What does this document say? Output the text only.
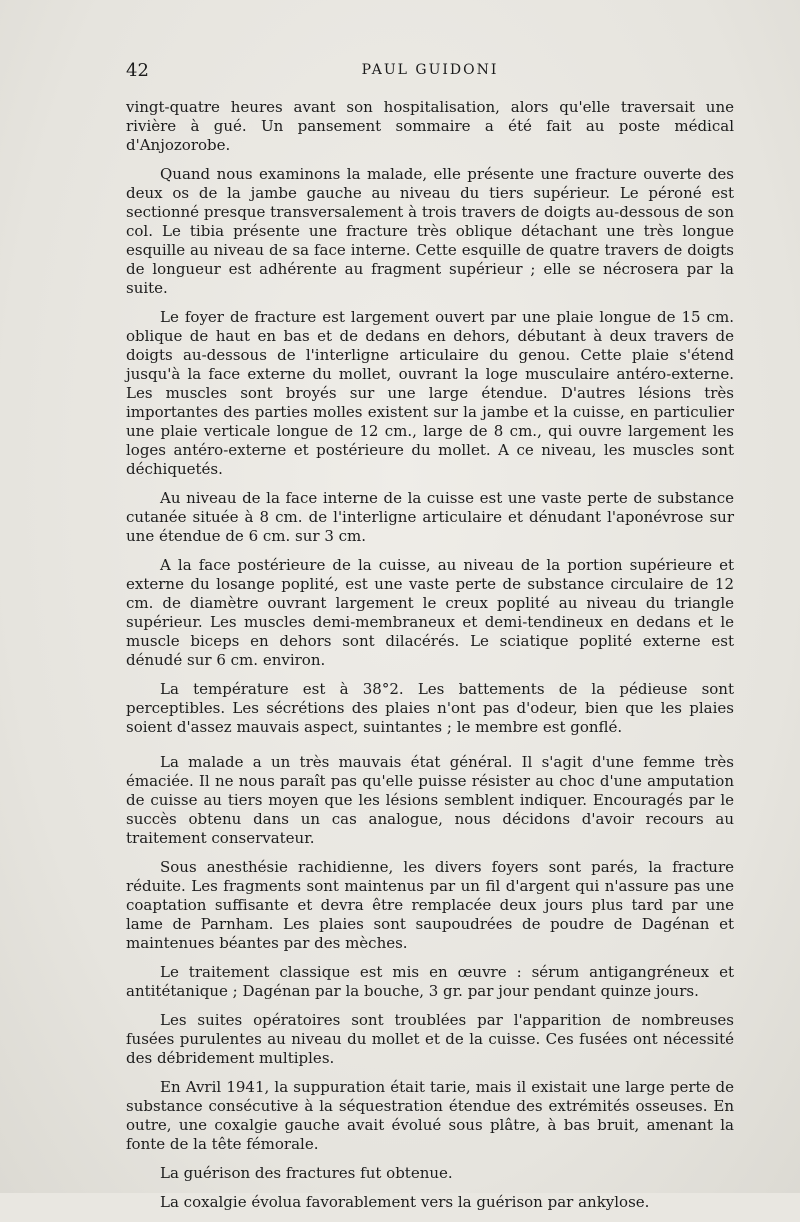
42	PAUL GUIDONI

vingt-quatre heures avant son hospitalisation, alors qu'elle traversait une rivière à gué. Un pansement sommaire a été fait au poste médical d'Anjozorobe.

Quand nous examinons la malade, elle présente une fracture ouverte des deux os de la jambe gauche au niveau du tiers supérieur. Le péroné est sectionné presque transversalement à trois travers de doigts au-dessous de son col. Le tibia présente une fracture très oblique détachant une très longue esquille au niveau de sa face interne. Cette esquille de quatre travers de doigts de longueur est adhérente au fragment supérieur ; elle se nécrosera par la suite.

Le foyer de fracture est largement ouvert par une plaie longue de 15 cm. oblique de haut en bas et de dedans en dehors, débutant à deux travers de doigts au-dessous de l'interligne articulaire du genou. Cette plaie s'étend jusqu'à la face externe du mollet, ouvrant la loge musculaire antéro-externe. Les muscles sont broyés sur une large étendue. D'autres lésions très importantes des parties molles existent sur la jambe et la cuisse, en particulier une plaie verticale longue de 12 cm., large de 8 cm., qui ouvre largement les loges antéro-externe et postérieure du mollet. A ce niveau, les muscles sont déchiquetés.

Au niveau de la face interne de la cuisse est une vaste perte de substance cutanée située à 8 cm. de l'interligne articulaire et dénudant l'aponévrose sur une étendue de 6 cm. sur 3 cm.

A la face postérieure de la cuisse, au niveau de la portion supérieure et externe du losange poplité, est une vaste perte de substance circulaire de 12 cm. de diamètre ouvrant largement le creux poplité au niveau du triangle supérieur. Les muscles demi-membraneux et demi-tendineux en dedans et le muscle biceps en dehors sont dilacérés. Le sciatique poplité externe est dénudé sur 6 cm. environ.

La température est à 38°2. Les battements de la pédieuse sont perceptibles. Les sécrétions des plaies n'ont pas d'odeur, bien que les plaies soient d'assez mauvais aspect, suintantes ; le membre est gonflé.

La malade a un très mauvais état général. Il s'agit d'une femme très émaciée. Il ne nous paraît pas qu'elle puisse résister au choc d'une amputation de cuisse au tiers moyen que les lésions semblent indiquer. Encouragés par le succès obtenu dans un cas analogue, nous décidons d'avoir recours au traitement conservateur.

Sous anesthésie rachidienne, les divers foyers sont parés, la fracture réduite. Les fragments sont maintenus par un fil d'argent qui n'assure pas une coaptation suffisante et devra être remplacée deux jours plus tard par une lame de Parnham. Les plaies sont saupoudrées de poudre de Dagénan et maintenues béantes par des mèches.

Le traitement classique est mis en œuvre : sérum antigangréneux et antitétanique ; Dagénan par la bouche, 3 gr. par jour pendant quinze jours.

Les suites opératoires sont troublées par l'apparition de nombreuses fusées purulentes au niveau du mollet et de la cuisse. Ces fusées ont nécessité des débridement multiples.

En Avril 1941, la suppuration était tarie, mais il existait une large perte de substance consécutive à la séquestration étendue des extrémités osseuses. En outre, une coxalgie gauche avait évolué sous plâtre, à bas bruit, amenant la fonte de la tête fémorale.

La guérison des fractures fut obtenue.

La coxalgie évolua favorablement vers la guérison par ankylose.
